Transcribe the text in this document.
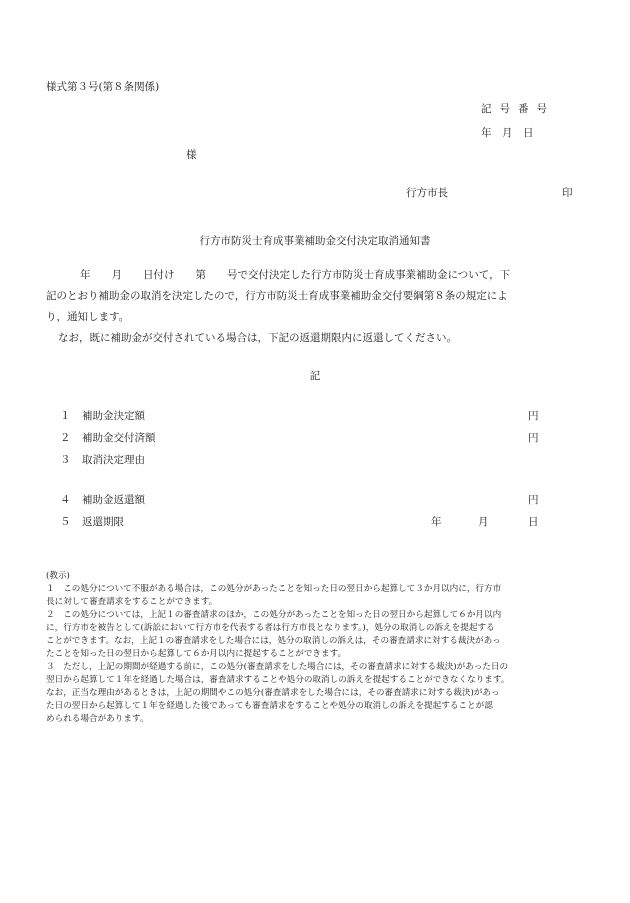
様式第３号(第８条関係)
記号番号
年　月　日
様
行方市長	印
行方市防災士育成事業補助金交付決定取消通知書

年　　月　　日付け　　第　　号で交付決定した行方市防災士育成事業補助金について，下

記のとおり補助金の取消を決定したので，行方市防災士育成事業補助金交付要綱第８条の規定によ

り，通知します。

なお，既に補助金が交付されている場合は，下記の返還期限内に返還してください。

記
１ 補助金決定額	円
２ 補助金交付済額	円
３ 取消決定理由
４ 補助金返還額	円
５ 返還期限	年	月	日

(教示)

１　この処分について不服がある場合は，この処分があったことを知った日の翌日から起算して３か月以内に，行方市

長に対して審査請求をすることができます。

２　この処分については，上記１の審査請求のほか，この処分があったことを知った日の翌日から起算して６か月以内

に，行方市を被告として(訴訟において行方市を代表する者は行方市長となります。)，処分の取消しの訴えを提起する

ことができます。なお，上記１の審査請求をした場合には，処分の取消しの訴えは，その審査請求に対する裁決があっ

たことを知った日の翌日から起算して６か月以内に提起することができます。

３　ただし，上記の期間が経過する前に，この処分(審査請求をした場合には，その審査請求に対する裁決)があった日の

翌日から起算して１年を経過した場合は，審査請求することや処分の取消しの訴えを提起することができなくなります。

なお，正当な理由があるときは，上記の期間やこの処分(審査請求をした場合には，その審査請求に対する裁決)があっ

た日の翌日から起算して１年を経過した後であっても審査請求をすることや処分の取消しの訴えを提起することが認

められる場合があります。
